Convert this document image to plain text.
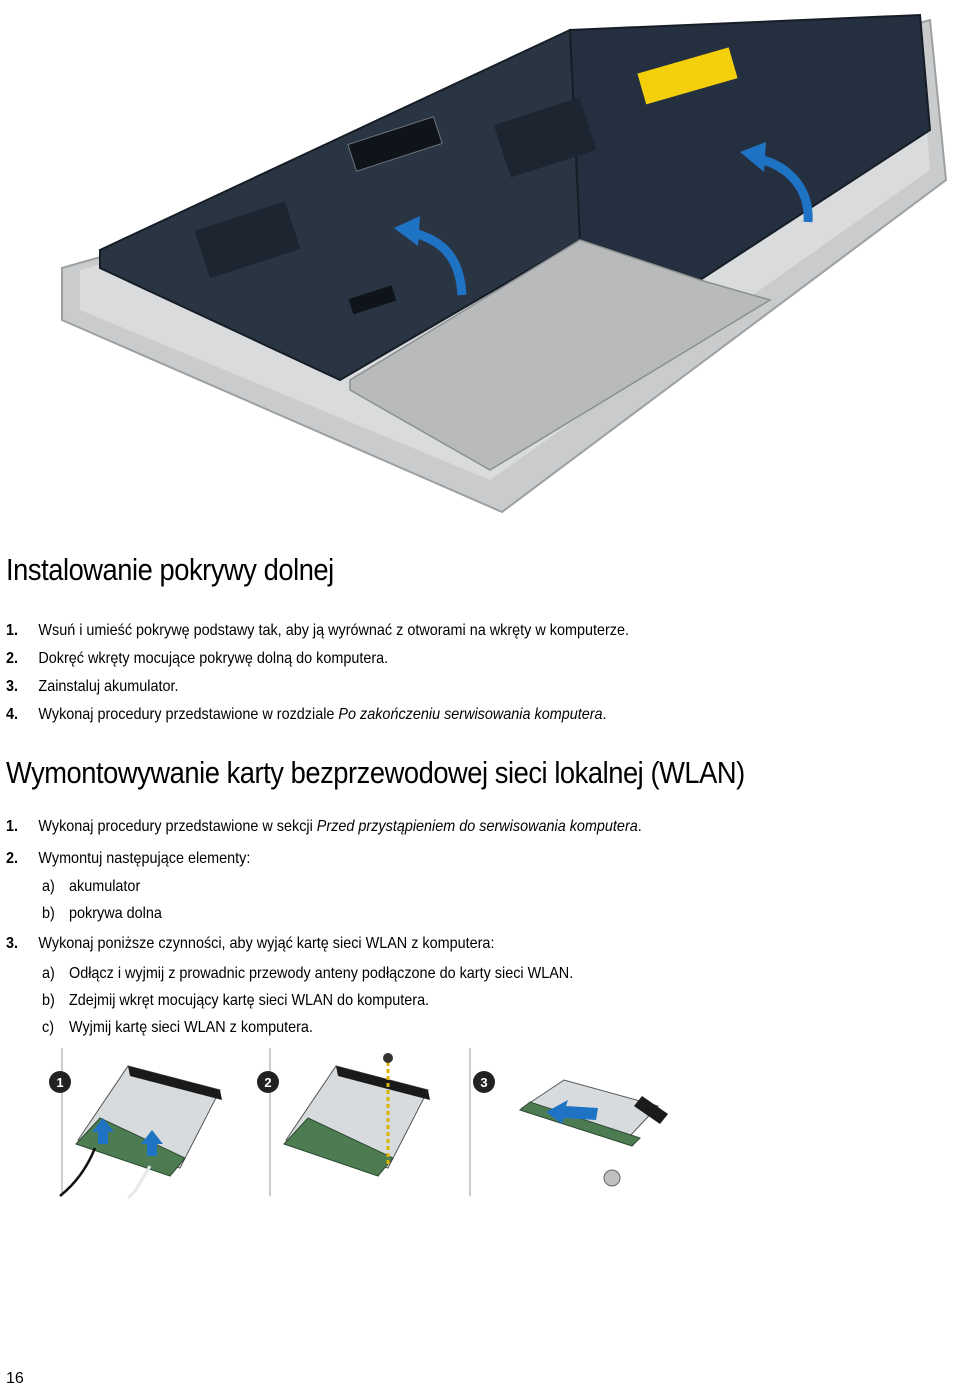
Instalowanie pokrywy dolnej
1. Wsuń i umieść pokrywę podstawy tak, aby ją wyrównać z otworami na wkręty w komputerze.
2. Dokręć wkręty mocujące pokrywę dolną do komputera.
3. Zainstaluj akumulator.
4. Wykonaj procedury przedstawione w rozdziale Po zakończeniu serwisowania komputera.
Wymontowywanie karty bezprzewodowej sieci lokalnej (WLAN)
1. Wykonaj procedury przedstawione w sekcji Przed przystąpieniem do serwisowania komputera.
2. Wymontuj następujące elementy:
a) akumulator
b) pokrywa dolna
3. Wykonaj poniższe czynności, aby wyjąć kartę sieci WLAN z komputera:
a) Odłącz i wyjmij z prowadnic przewody anteny podłączone do karty sieci WLAN.
b) Zdejmij wkręt mocujący kartę sieci WLAN do komputera.
c) Wyjmij kartę sieci WLAN z komputera.
1	2	3
16
